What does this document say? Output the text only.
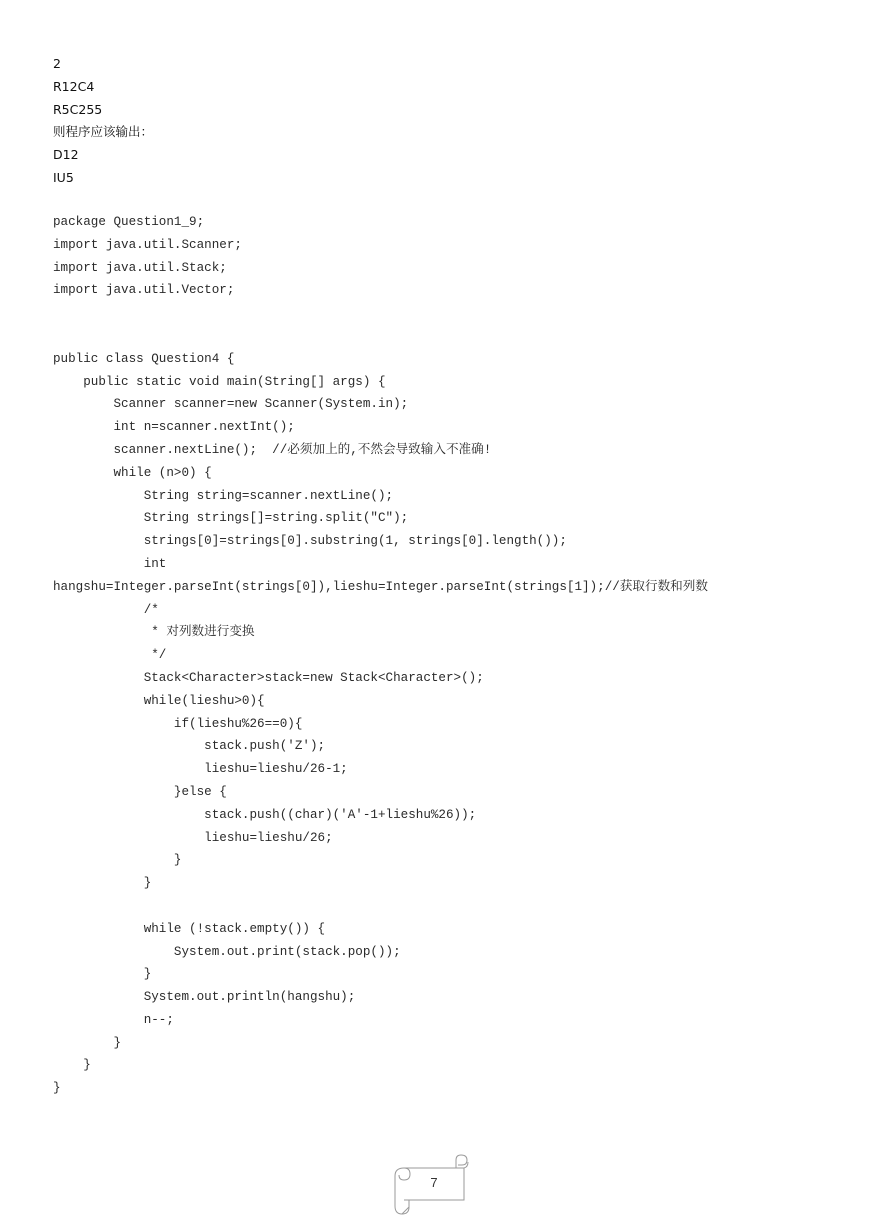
2
R12C4
R5C255
则程序应该输出：
D12
IU5
package Question1_9;
import java.util.Scanner;
import java.util.Stack;
import java.util.Vector;
public class Question4 {
public static void main(String[] args) {
Scanner scanner=new Scanner(System.in);
int n=scanner.nextInt();
scanner.nextLine();  //必须加上的,不然会导致输入不准确!
while (n>0) {
String string=scanner.nextLine();
String strings[]=string.split("C");
strings[0]=strings[0].substring(1, strings[0].length());
int
hangshu=Integer.parseInt(strings[0]),lieshu=Integer.parseInt(strings[1]);//获取行数和列数
/*
* 对列数进行变换
*/
Stack<Character>stack=new Stack<Character>();
while(lieshu>0){
if(lieshu%26==0){
stack.push('Z');
lieshu=lieshu/26-1;
}else {
stack.push((char)('A'-1+lieshu%26));
lieshu=lieshu/26;
}
}
while (!stack.empty()) {
System.out.print(stack.pop());
}
System.out.println(hangshu);
n--;
}
}
}
7
